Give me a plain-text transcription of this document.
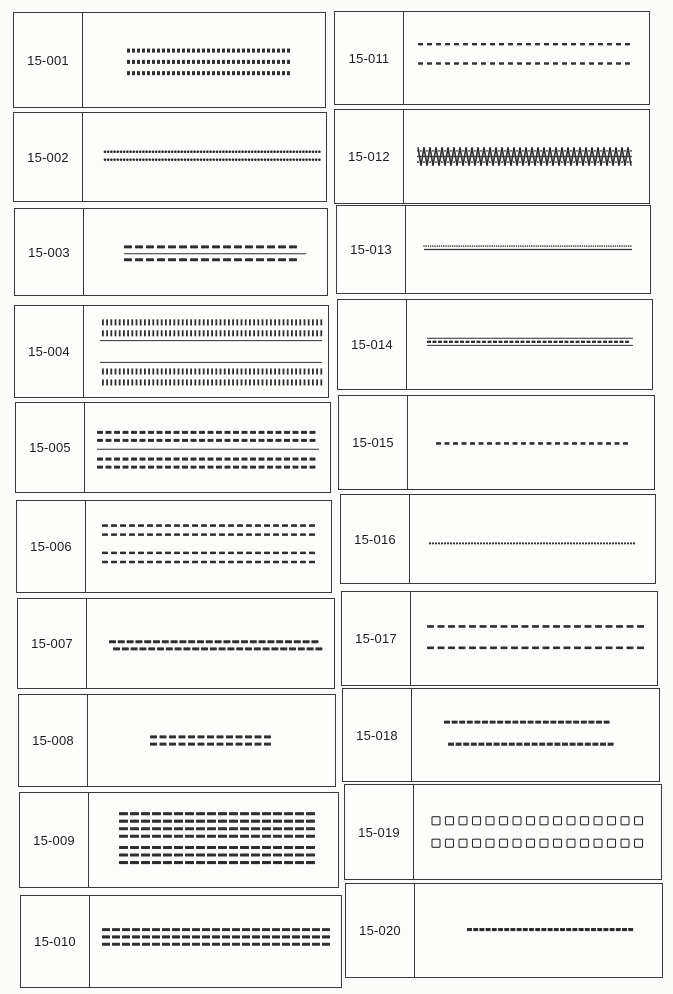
15-001
15-002
15-003
15-004
15-005
15-006
15-007
15-008
15-009
15-010
15-011
15-012
15-013
15-014
15-015
15-016
15-017
15-018
15-019
15-020
